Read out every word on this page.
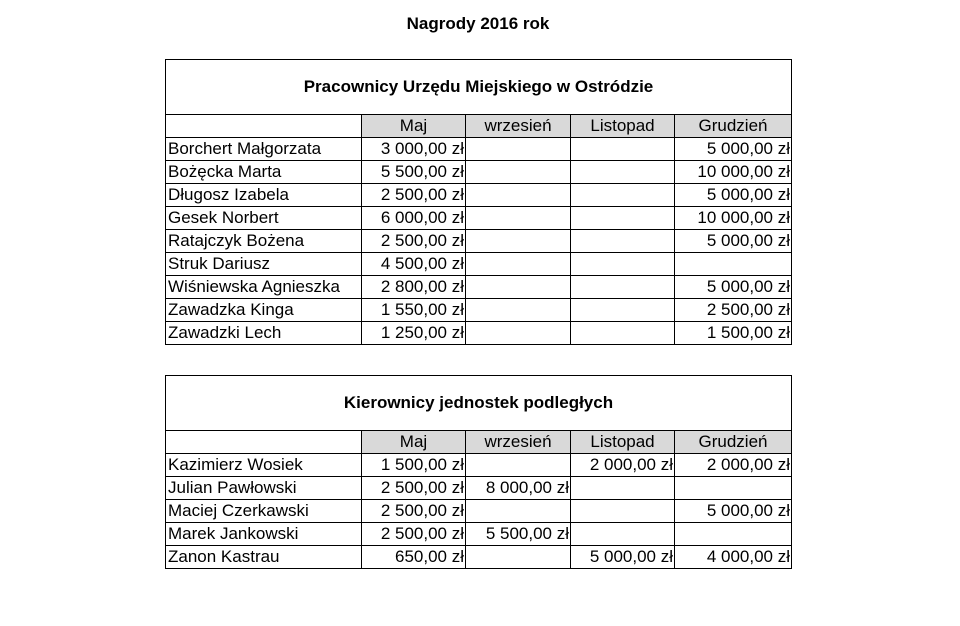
Nagrody 2016 rok
Pracownicy Urzędu Miejskiego w Ostródzie				
	Maj	wrzesień	Listopad	Grudzień
Borchert Małgorzata	3 000,00 zł			5 000,00 zł
Bożęcka Marta	5 500,00 zł			10 000,00 zł
Długosz Izabela	2 500,00 zł			5 000,00 zł
Gesek Norbert	6 000,00 zł			10 000,00 zł
Ratajczyk Bożena	2 500,00 zł			5 000,00 zł
Struk Dariusz	4 500,00 zł			
Wiśniewska Agnieszka	2 800,00 zł			5 000,00 zł
Zawadzka Kinga	1 550,00 zł			2 500,00 zł
Zawadzki Lech	1 250,00 zł			1 500,00 zł
Kierownicy jednostek podległych				
	Maj	wrzesień	Listopad	Grudzień
Kazimierz Wosiek	1 500,00 zł		2 000,00 zł	2 000,00 zł
Julian Pawłowski	2 500,00 zł	8 000,00 zł		
Maciej Czerkawski	2 500,00 zł			5 000,00 zł
Marek Jankowski	2 500,00 zł	5 500,00 zł		
Zanon Kastrau	650,00 zł		5 000,00 zł	4 000,00 zł
